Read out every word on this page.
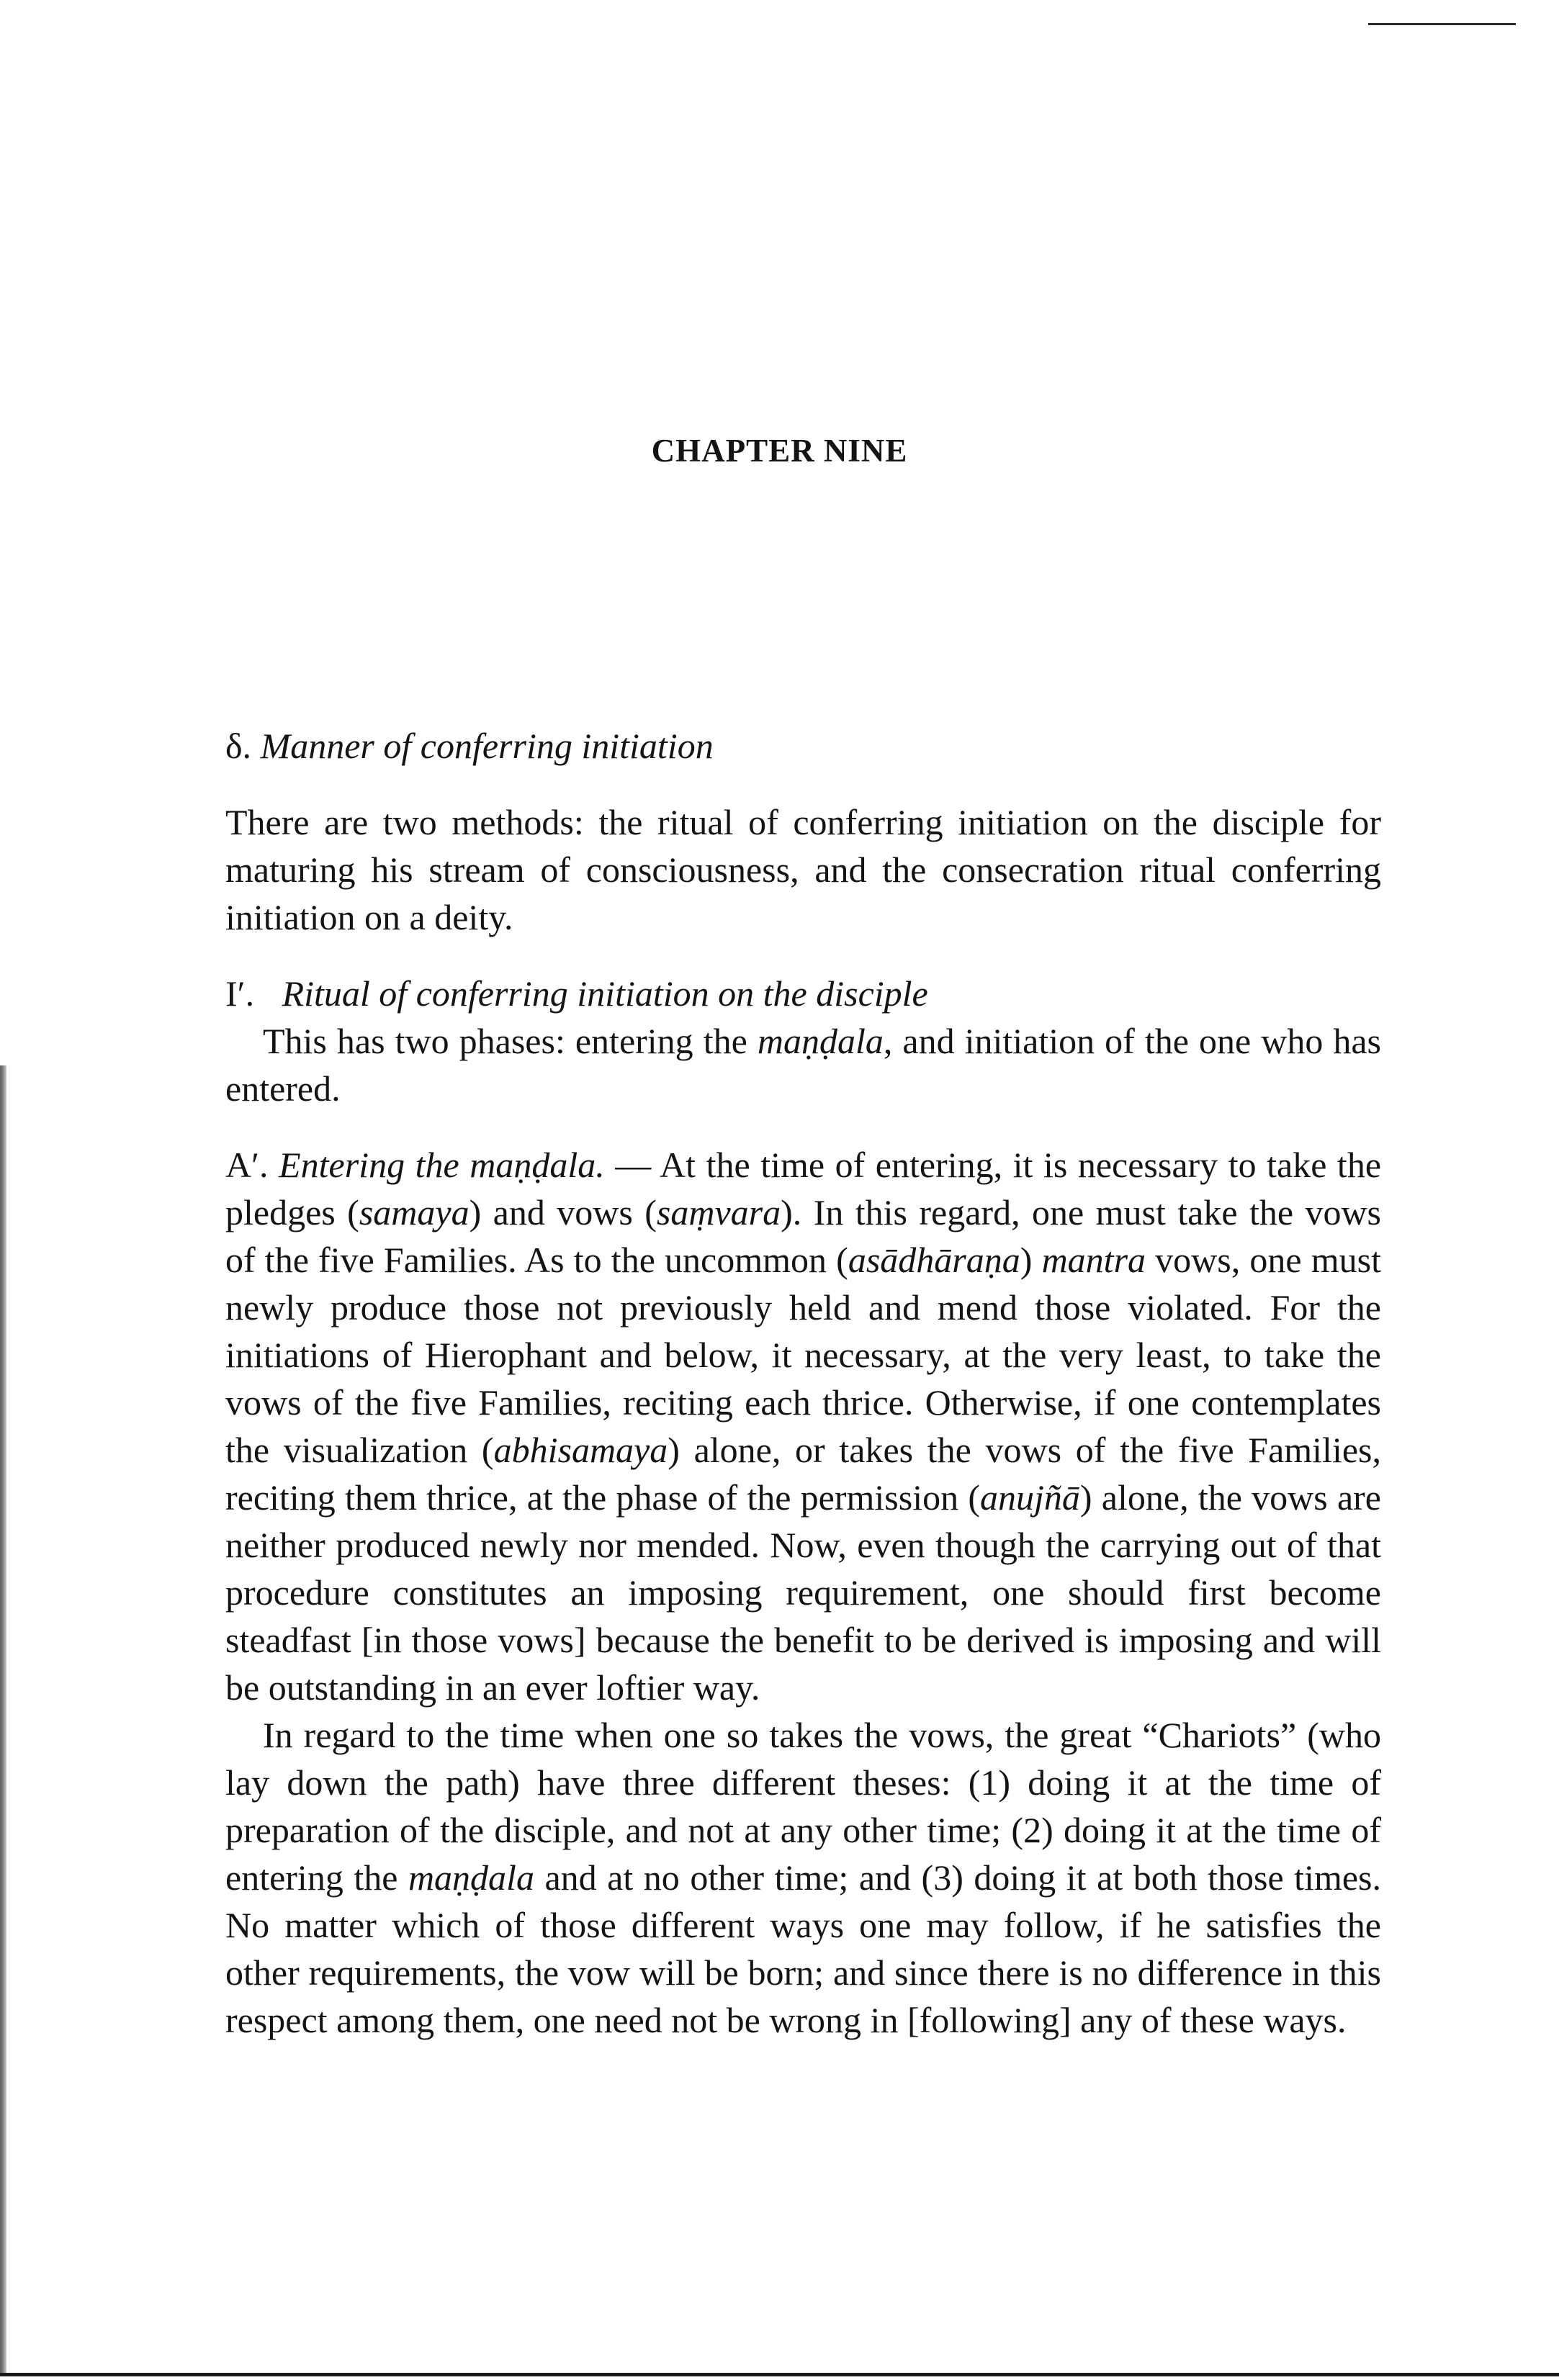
CHAPTER NINE

δ. Manner of conferring initiation

There are two methods: the ritual of conferring initiation on the disciple for maturing his stream of consciousness, and the consecration ritual conferring initiation on a deity.

I′. Ritual of conferring initiation on the disciple

This has two phases: entering the maṇḍala, and initiation of the one who has entered.

A′. Entering the maṇḍala. — At the time of entering, it is necessary to take the pledges (samaya) and vows (saṃvara). In this regard, one must take the vows of the five Families. As to the uncommon (asādhāraṇa) mantra vows, one must newly produce those not previously held and mend those violated. For the initiations of Hierophant and below, it necessary, at the very least, to take the vows of the five Families, reciting each thrice. Otherwise, if one contemplates the visualization (abhisamaya) alone, or takes the vows of the five Families, reciting them thrice, at the phase of the permission (anujñā) alone, the vows are neither produced newly nor mended. Now, even though the carrying out of that procedure constitutes an imposing requirement, one should first become steadfast [in those vows] because the benefit to be derived is imposing and will be outstanding in an ever loftier way.

In regard to the time when one so takes the vows, the great “Chariots” (who lay down the path) have three different theses: (1) doing it at the time of preparation of the disciple, and not at any other time; (2) doing it at the time of entering the maṇḍala and at no other time; and (3) doing it at both those times. No matter which of those different ways one may follow, if he satisfies the other requirements, the vow will be born; and since there is no difference in this respect among them, one need not be wrong in [following] any of these ways.
